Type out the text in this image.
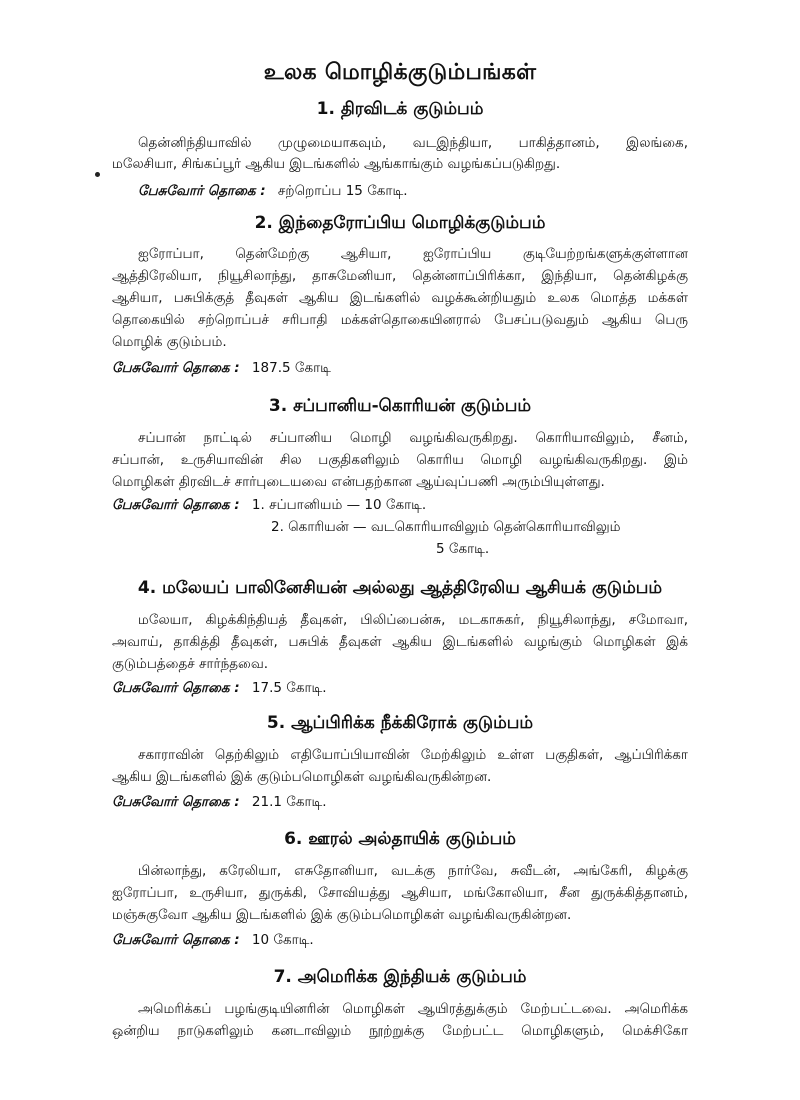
உலக மொழிக்குடும்பங்கள்
1. திரவிடக் குடும்பம்
தென்னிந்தியாவில் முழுமையாகவும், வடஇந்தியா, பாகித்தானம், இலங்கை,
மலேசியா, சிங்கப்பூர் ஆகிய இடங்களில் ஆங்காங்கும் வழங்கப்படுகிறது.
பேசுவோர் தொகை : சற்றொப்ப 15 கோடி.
2. இந்தைரோப்பிய மொழிக்குடும்பம்
ஐரோப்பா, தென்மேற்கு ஆசியா, ஐரோப்பிய குடியேற்றங்களுக்குள்ளான
ஆத்திரேலியா, நியூசிலாந்து, தாசுமேனியா, தென்னாப்பிரிக்கா, இந்தியா, தென்கிழக்கு
ஆசியா, பசுபிக்குத் தீவுகள் ஆகிய இடங்களில் வழக்கூன்றியதும் உலக மொத்த மக்கள்
தொகையில் சற்றொப்பச் சரிபாதி மக்கள்தொகையினரால் பேசப்படுவதும் ஆகிய பெரு
மொழிக் குடும்பம்.
பேசுவோர் தொகை : 187.5 கோடி
3. சப்பானிய-கொரியன் குடும்பம்
சப்பான் நாட்டில் சப்பானிய மொழி வழங்கிவருகிறது. கொரியாவிலும், சீனம்,
சப்பான், உருசியாவின் சில பகுதிகளிலும் கொரிய மொழி வழங்கிவருகிறது. இம்
மொழிகள் திரவிடச் சார்புடையவை என்பதற்கான ஆய்வுப்பணி அரும்பியுள்ளது.
பேசுவோர் தொகை : 1. சப்பானியம் — 10 கோடி.
2. கொரியன் — வடகொரியாவிலும் தென்கொரியாவிலும்
5 கோடி.
4. மலேயப் பாலினேசியன் அல்லது ஆத்திரேலிய ஆசியக் குடும்பம்
மலேயா, கிழக்கிந்தியத் தீவுகள், பிலிப்பைன்சு, மடகாசுகர், நியூசிலாந்து, சமோவா,
அவாய், தாகித்தி தீவுகள், பசுபிக் தீவுகள் ஆகிய இடங்களில் வழங்கும் மொழிகள் இக்
குடும்பத்தைச் சார்ந்தவை.
பேசுவோர் தொகை : 17.5 கோடி.
5. ஆப்பிரிக்க நீக்கிரோக் குடும்பம்
சகாராவின் தெற்கிலும் எதியோப்பியாவின் மேற்கிலும் உள்ள பகுதிகள், ஆப்பிரிக்கா
ஆகிய இடங்களில் இக் குடும்பமொழிகள் வழங்கிவருகின்றன.
பேசுவோர் தொகை : 21.1 கோடி.
6. ஊரல் அல்தாயிக் குடும்பம்
பின்லாந்து, கரேலியா, எசுதோனியா, வடக்கு நார்வே, சுவீடன், அங்கேரி, கிழக்கு
ஐரோப்பா, உருசியா, துருக்கி, சோவியத்து ஆசியா, மங்கோலியா, சீன துருக்கித்தானம்,
மஞ்சுகுவோ ஆகிய இடங்களில் இக் குடும்பமொழிகள் வழங்கிவருகின்றன.
பேசுவோர் தொகை : 10 கோடி.
7. அமெரிக்க இந்தியக் குடும்பம்
அமெரிக்கப் பழங்குடியினரின் மொழிகள் ஆயிரத்துக்கும் மேற்பட்டவை. அமெரிக்க
ஒன்றிய நாடுகளிலும் கனடாவிலும் நூற்றுக்கு மேற்பட்ட மொழிகளும், மெக்சிகோ
